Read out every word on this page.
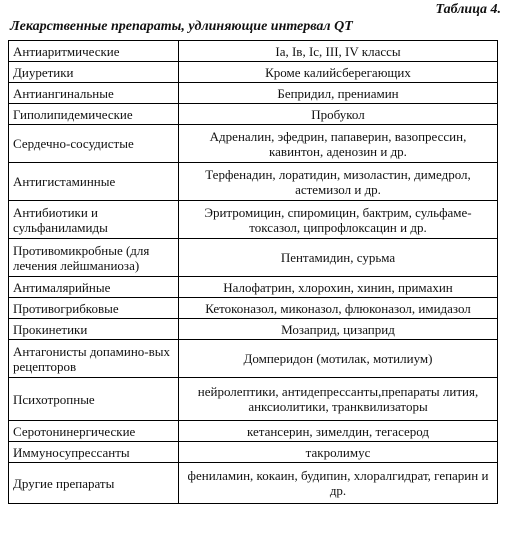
Таблица 4.
Лекарственные препараты, удлиняющие интервал QT
Антиаритмические	Ia, Iв, Ic, III, IV классы
Диуретики	Кроме калийсберегающих
Антиангинальные	Бепридил, прениамин
Гиполипидемические	Пробукол
Сердечно-сосудистые	Адреналин, эфедрин, папаверин, вазопрессин, кавинтон, аденозин и др.
Антигистаминные	Терфенадин, лоратидин, мизоластин, димедрол, астемизол и др.
Антибиотики и сульфаниламиды	Эритромицин, спиромицин, бактрим, сульфаме-токсазол, ципрофлоксацин и др.
Противомикробные (для лечения лейшманиоза)	Пентамидин, сурьма
Антималярийные	Налофатрин, хлорохин, хинин, примахин
Противогрибковые	Кетоконазол, миконазол, флюконазол, имидазол
Прокинетики	Мозаприд, цизаприд
Антагонисты допамино-вых рецепторов	Домперидон (мотилак, мотилиум)
Психотропные	нейролептики, антидепрессанты,препараты лития, анксиолитики, транквилизаторы
Серотонинергические	кетансерин, зимелдин, тегасерод
Иммуносупрессанты	такролимус
Другие препараты	фениламин, кокаин, будипин, хлоралгидрат, гепарин и др.
